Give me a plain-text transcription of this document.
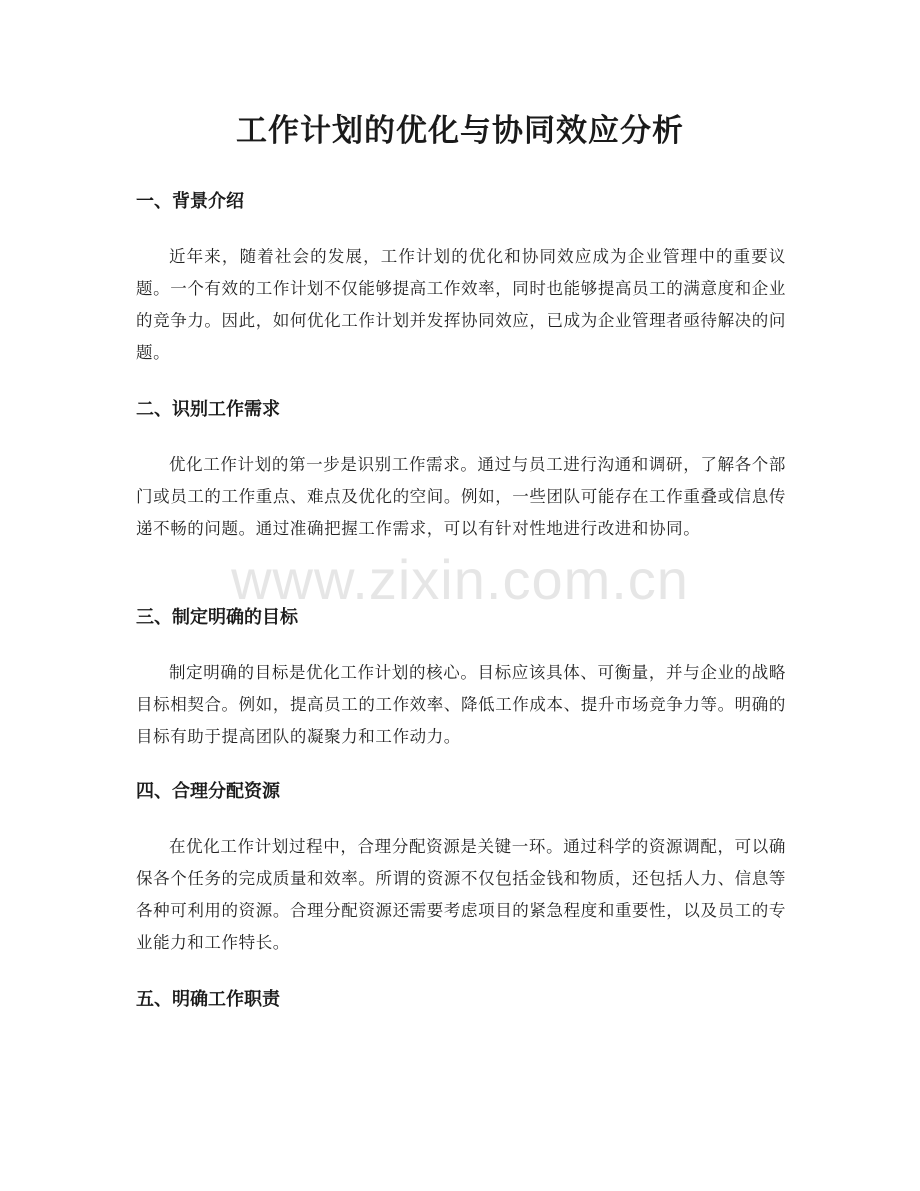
工作计划的优化与协同效应分析
一、背景介绍

近年来，随着社会的发展，工作计划的优化和协同效应成为企业管理中的重要议题。一个有效的工作计划不仅能够提高工作效率，同时也能够提高员工的满意度和企业的竞争力。因此，如何优化工作计划并发挥协同效应，已成为企业管理者亟待解决的问题。

二、识别工作需求

优化工作计划的第一步是识别工作需求。通过与员工进行沟通和调研，了解各个部门或员工的工作重点、难点及优化的空间。例如，一些团队可能存在工作重叠或信息传递不畅的问题。通过准确把握工作需求，可以有针对性地进行改进和协同。

三、制定明确的目标

制定明确的目标是优化工作计划的核心。目标应该具体、可衡量，并与企业的战略目标相契合。例如，提高员工的工作效率、降低工作成本、提升市场竞争力等。明确的目标有助于提高团队的凝聚力和工作动力。

四、合理分配资源

在优化工作计划过程中，合理分配资源是关键一环。通过科学的资源调配，可以确保各个任务的完成质量和效率。所谓的资源不仅包括金钱和物质，还包括人力、信息等各种可利用的资源。合理分配资源还需要考虑项目的紧急程度和重要性，以及员工的专业能力和工作特长。

五、明确工作职责
www.zixin.com.cn
